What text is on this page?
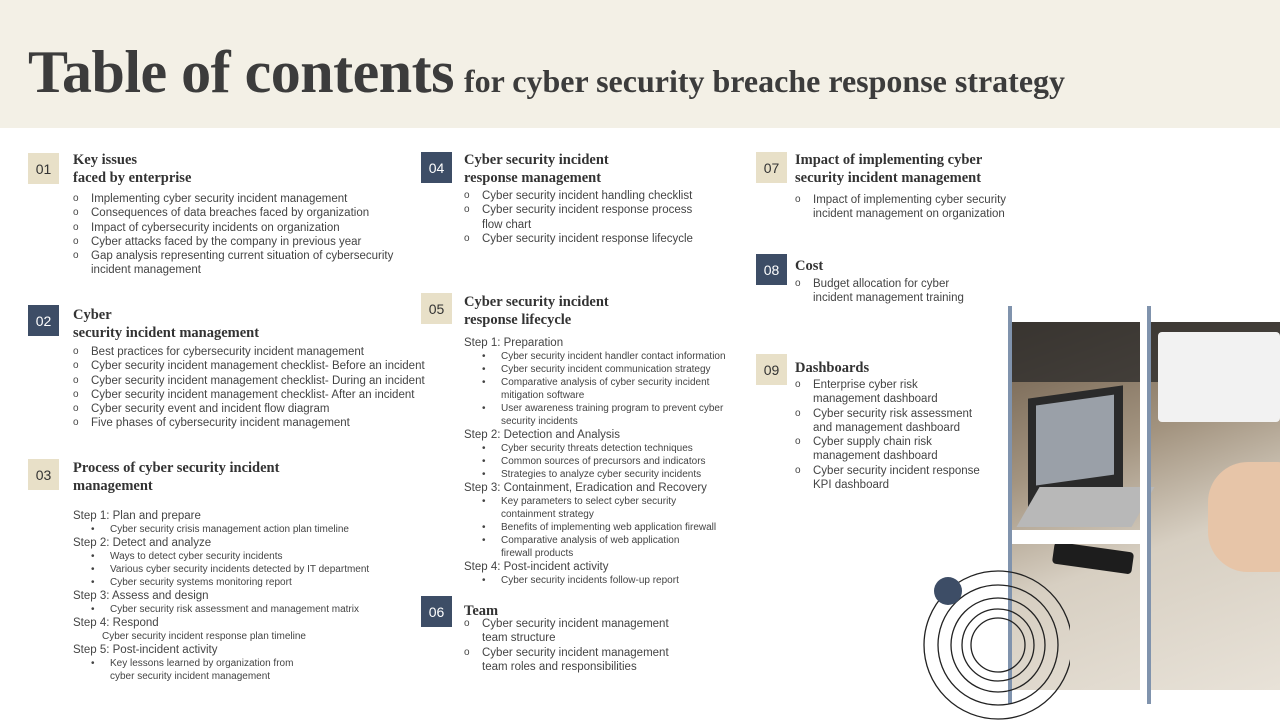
Table of contents for cyber security breache response strategy
01
Key issues
faced by enterprise
o Implementing cyber security incident management
o Consequences of data breaches faced by organization
o Impact of cybersecurity incidents on organization
o Cyber attacks faced by the company in previous year
o Gap analysis representing current situation of cybersecurity
incident management
02	Cyber
security incident management
o Best practices for cybersecurity incident management
o Cyber security incident management checklist- Before an incident
o Cyber security incident management checklist- During an incident
o Cyber security incident management checklist- After an incident
o Cyber security event and incident flow diagram
o Five phases of cybersecurity incident management
03	Process of cyber security incident
management
Step 1: Plan and prepare
• Cyber security crisis management action plan timeline
Step 2: Detect and analyze
• Ways to detect cyber security incidents
• Various cyber security incidents detected by IT department
• Cyber security systems monitoring report
Step 3: Assess and design
• Cyber security risk assessment and management matrix
Step 4: Respond
Cyber security incident response plan timeline
Step 5: Post-incident activity
• Key lessons learned by organization from
cyber security incident management
04	Cyber security incident
response management
o Cyber security incident handling checklist
o Cyber security incident response process
flow chart
o Cyber security incident response lifecycle
05	Cyber security incident
response lifecycle
Step 1: Preparation
• Cyber security incident handler contact information
• Cyber security incident communication strategy
• Comparative analysis of cyber security incident
mitigation software
• User awareness training program to prevent cyber
security incidents
Step 2: Detection and Analysis
• Cyber security threats detection techniques
• Common sources of precursors and indicators
• Strategies to analyze cyber security incidents
Step 3: Containment, Eradication and Recovery
• Key parameters to select cyber security
containment strategy
• Benefits of implementing web application firewall
• Comparative analysis of web application
firewall products
Step 4: Post-incident activity
• Cyber security incidents follow-up report
06	Team
o Cyber security incident management
team structure
o Cyber security incident management
team roles and responsibilities
07	Impact of implementing cyber
security incident management
o Impact of implementing cyber security
incident management on organization
08	Cost
o Budget allocation for cyber
incident management training
09	Dashboards
o Enterprise cyber risk
management dashboard
o Cyber security risk assessment
and management dashboard
o Cyber supply chain risk
management dashboard
o Cyber security incident response
KPI dashboard
